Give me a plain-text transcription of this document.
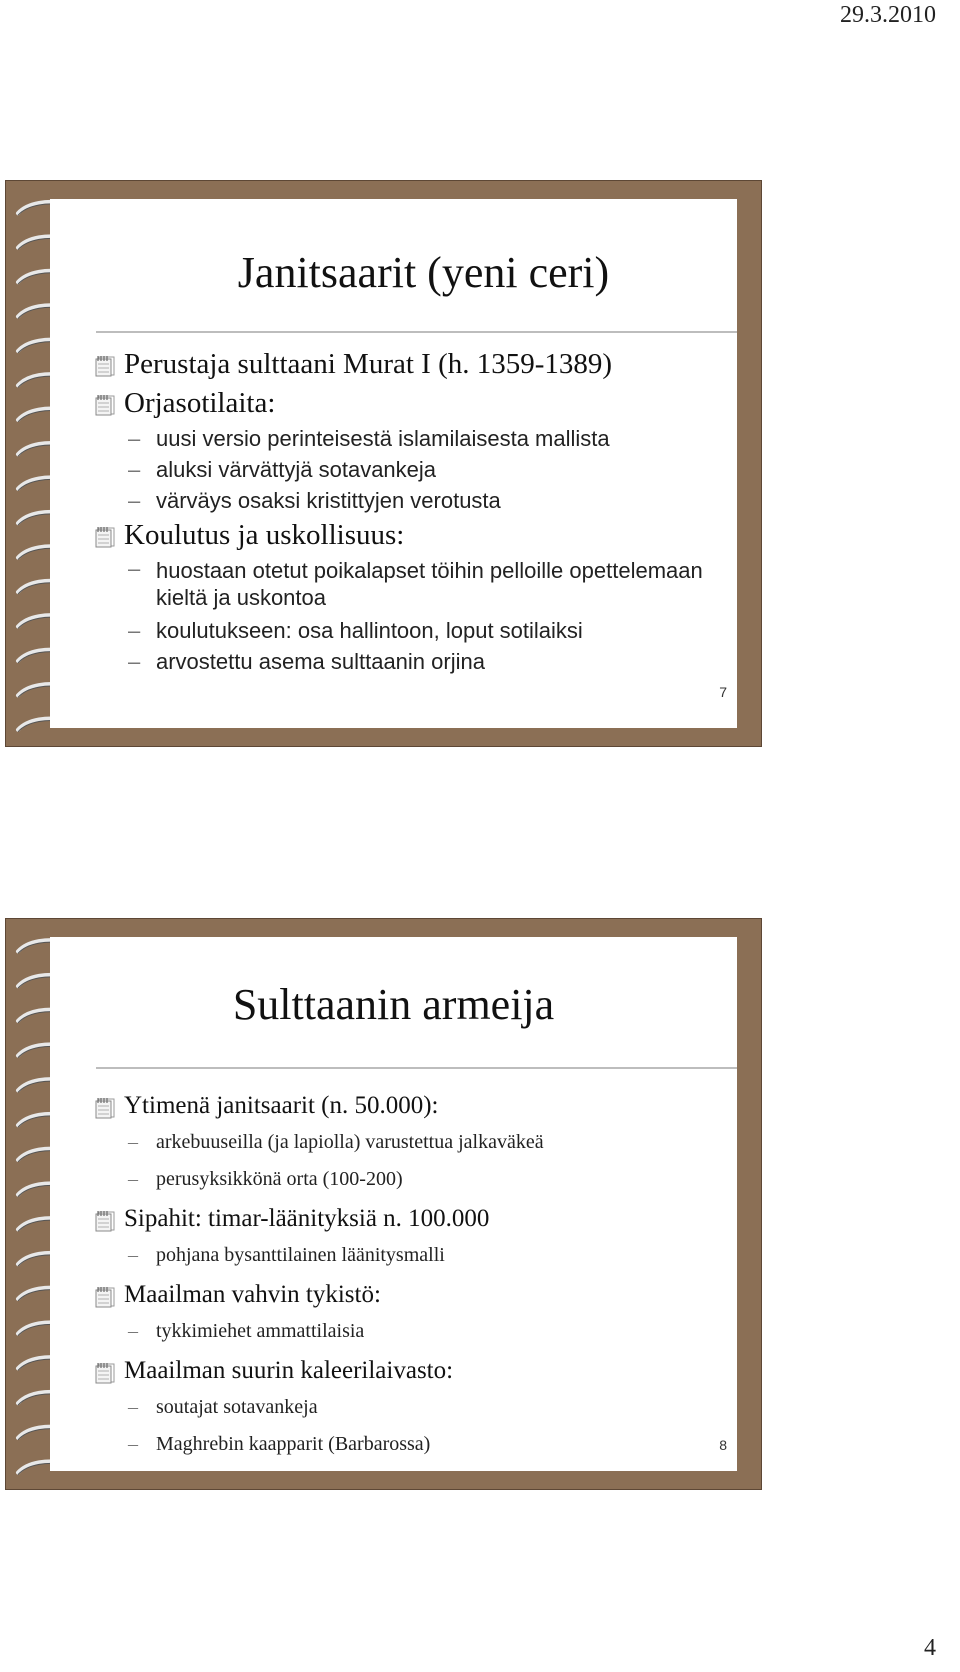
29.3.2010
Janitsaarit (yeni ceri)
Perustaja sulttaani Murat I (h. 1359-1389)
Orjasotilaita:
– uusi versio perinteisestä islamilaisesta mallista
– aluksi värvättyjä sotavankeja
– värväys osaksi kristittyjen verotusta
Koulutus ja uskollisuus:
– huostaan otetut poikalapset töihin pelloille opettelemaan kieltä ja uskontoa
– koulutukseen: osa hallintoon, loput sotilaiksi
– arvostettu asema sulttaanin orjina
7
Sulttaanin armeija
Ytimenä janitsaarit (n. 50.000):
– arkebuuseilla (ja lapiolla) varustettua jalkaväkeä
– perusyksikkönä orta (100-200)
Sipahit: timar-läänityksiä n. 100.000
– pohjana bysanttilainen läänitysmalli
Maailman vahvin tykistö:
– tykkimiehet ammattilaisia
Maailman suurin kaleerilaivasto:
– soutajat sotavankeja
– Maghrebin kaapparit (Barbarossa)	8
4
